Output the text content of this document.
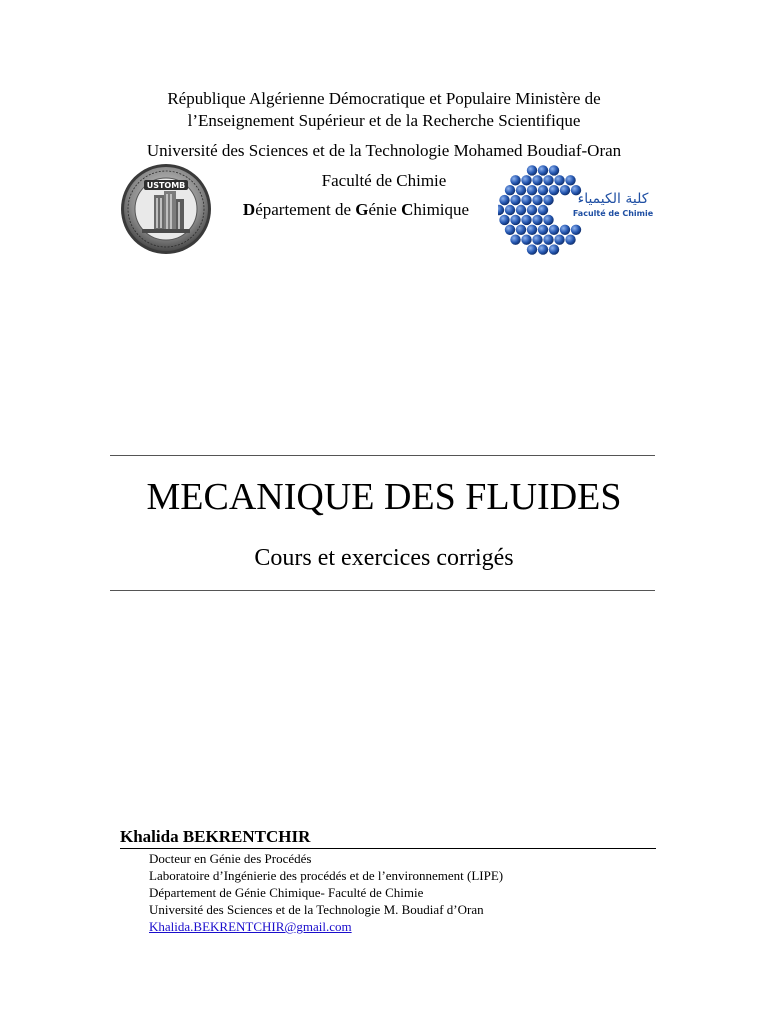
République Algérienne Démocratique et Populaire Ministère de
l’Enseignement Supérieur et de la Recherche Scientifique
Université des Sciences et de la Technologie Mohamed Boudiaf-Oran
Faculté de Chimie
Département de Génie Chimique
USTOMB
كلية الكيمياء
Faculté de Chimie
MECANIQUE DES FLUIDES
Cours et exercices corrigés
Khalida BEKRENTCHIR
Docteur en Génie des Procédés
Laboratoire d’Ingénierie des procédés et de l’environnement (LIPE)
Département de Génie Chimique- Faculté de Chimie
Université des Sciences et de la Technologie M. Boudiaf d’Oran
Khalida.BEKRENTCHIR@gmail.com
